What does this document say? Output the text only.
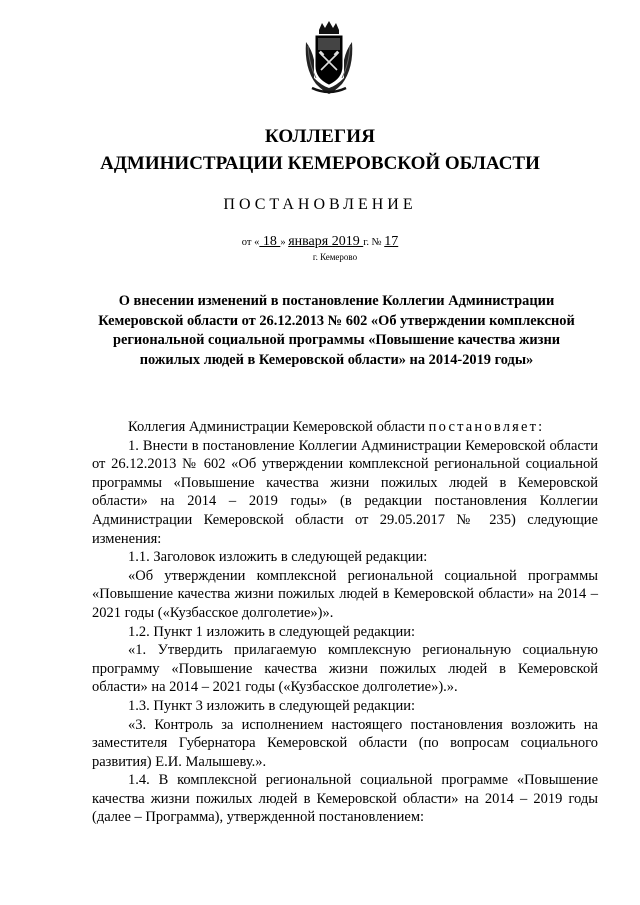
КОЛЛЕГИЯ
АДМИНИСТРАЦИИ КЕМЕРОВСКОЙ ОБЛАСТИ
ПОСТАНОВЛЕНИЕ
от « 18 » января 2019 г. № 17
г. Кемерово
О внесении изменений в постановление Коллегии Администрации Кемеровской области от 26.12.2013 № 602 «Об утверждении комплексной региональной социальной программы «Повышение качества жизни пожилых людей в Кемеровской области» на 2014-2019 годы»

Коллегия Администрации Кемеровской области постановляет:

1. Внести в постановление Коллегии Администрации Кемеровской области от 26.12.2013 № 602 «Об утверждении комплексной региональной социальной программы «Повышение качества жизни пожилых людей в Кемеровской области» на 2014 – 2019 годы» (в редакции постановления Коллегии Администрации Кемеровской области от 29.05.2017 № 235) следующие изменения:

1.1. Заголовок изложить в следующей редакции:

«Об утверждении комплексной региональной социальной программы «Повышение качества жизни пожилых людей в Кемеровской области» на 2014 – 2021 годы («Кузбасское долголетие»)».

1.2. Пункт 1 изложить в следующей редакции:

«1. Утвердить прилагаемую комплексную региональную социальную программу «Повышение качества жизни пожилых людей в Кемеровской области» на 2014 – 2021 годы («Кузбасское долголетие»).».

1.3. Пункт 3 изложить в следующей редакции:

«3. Контроль за исполнением настоящего постановления возложить на заместителя Губернатора Кемеровской области (по вопросам социального развития) Е.И. Малышеву.».

1.4. В комплексной региональной социальной программе «Повышение качества жизни пожилых людей в Кемеровской области» на 2014 – 2019 годы (далее – Программа), утвержденной постановлением:
